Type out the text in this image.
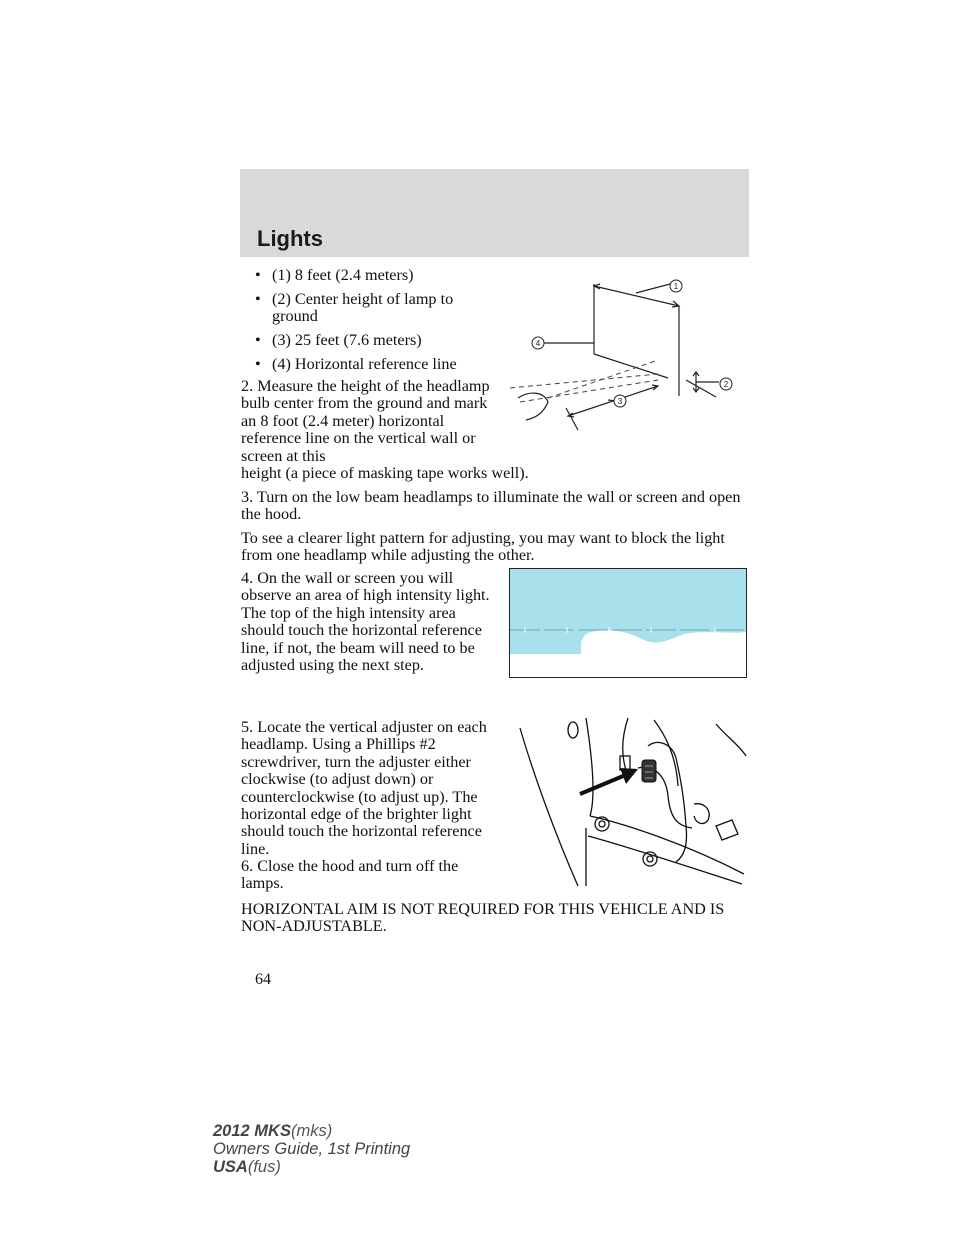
Lights
• (1) 8 feet (2.4 meters)
• (2) Center height of lamp to ground
• (3) 25 feet (7.6 meters)
• (4) Horizontal reference line

2. Measure the height of the headlamp bulb center from the ground and mark an 8 foot (2.4 meter) horizontal reference line on the vertical wall or screen at this

height (a piece of masking tape works well).

3. Turn on the low beam headlamps to illuminate the wall or screen and open the hood.

To see a clearer light pattern for adjusting, you may want to block the light from one headlamp while adjusting the other.

4. On the wall or screen you will observe an area of high intensity light. The top of the high intensity area should touch the horizontal reference line, if not, the beam will need to be adjusted using the next step.

5. Locate the vertical adjuster on each headlamp. Using a Phillips #2 screwdriver, turn the adjuster either clockwise (to adjust down) or counterclockwise (to adjust up). The horizontal edge of the brighter light should touch the horizontal reference line.

6. Close the hood and turn off the lamps.

HORIZONTAL AIM IS NOT REQUIRED FOR THIS VEHICLE AND IS NON-ADJUSTABLE.

1
2
3
4
64
2012 MKS(mks)
Owners Guide, 1st Printing
USA(fus)
